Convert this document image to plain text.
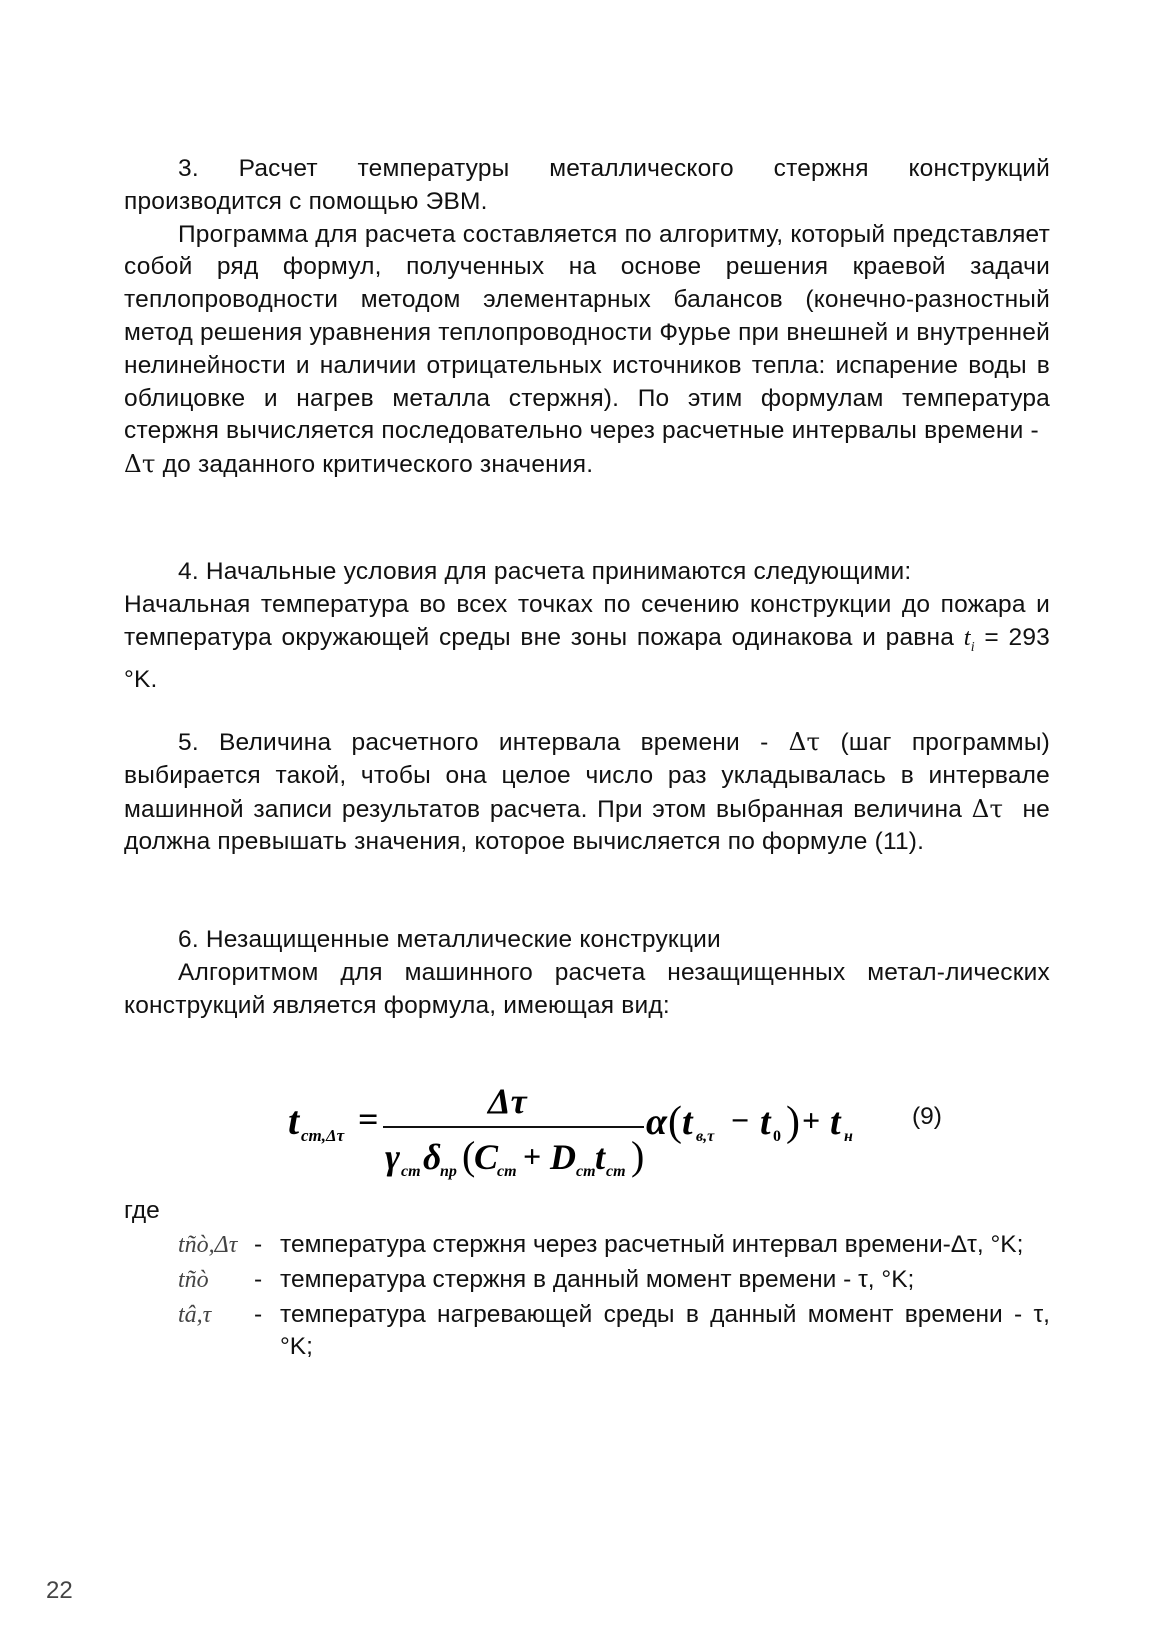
3. Расчет температуры металлического стержня конструкций производится с помощью ЭВМ.

Программа для расчета составляется по алгоритму, который представляет собой ряд формул, полученных на основе решения краевой задачи теплопроводности методом элементарных балансов (конечно-разностный метод решения уравнения теплопроводности Фурье при внешней и внутренней нелинейности и наличии отрицательных источников тепла: испарение воды в облицовке и нагрев металла стержня). По этим формулам температура стержня вычисляется последовательно через расчетные интервалы времени -
Δτ до заданного критического значения.

4. Начальные условия для расчета принимаются следующими:

Начальная температура во всех точках по сечению конструкции до пожара и температура окружающей среды вне зоны пожара одинакова и равна $t_i = 293$ °K.

5. Величина расчетного интервала времени - Δτ (шаг программы) выбирается такой, чтобы она целое число раз укладывалась в интервале машинной записи результатов расчета. При этом выбранная величина Δτ не должна превышать значения, которое вычисляется по формуле (11).

6. Незащищенные металлические конструкции

Алгоритмом для машинного расчета незащищенных метал-лических конструкций является формула, имеющая вид:

t cm,Δτ =	Δτ
γ cm δ
np (
C
cm + D cm t cm )
α ( t в,τ − t 0 ) + t н
(9)
где
tñò,Δτ - температура стержня через расчетный интервал времени-Δτ, °K;
tñò	- температура стержня в данный момент времени - τ, °K;
tâ,τ	- температура нагревающей среды в данный момент времени - τ, °K;
22
